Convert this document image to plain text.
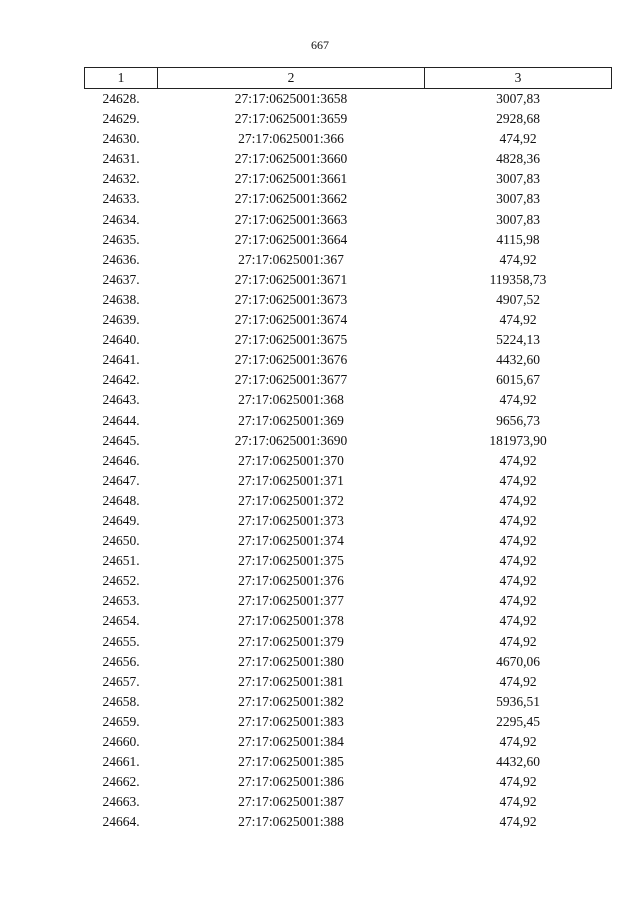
667
1	2	3
24628.	27:17:0625001:3658	3007,83
24629.	27:17:0625001:3659	2928,68
24630.	27:17:0625001:366	474,92
24631.	27:17:0625001:3660	4828,36
24632.	27:17:0625001:3661	3007,83
24633.	27:17:0625001:3662	3007,83
24634.	27:17:0625001:3663	3007,83
24635.	27:17:0625001:3664	4115,98
24636.	27:17:0625001:367	474,92
24637.	27:17:0625001:3671	119358,73
24638.	27:17:0625001:3673	4907,52
24639.	27:17:0625001:3674	474,92
24640.	27:17:0625001:3675	5224,13
24641.	27:17:0625001:3676	4432,60
24642.	27:17:0625001:3677	6015,67
24643.	27:17:0625001:368	474,92
24644.	27:17:0625001:369	9656,73
24645.	27:17:0625001:3690	181973,90
24646.	27:17:0625001:370	474,92
24647.	27:17:0625001:371	474,92
24648.	27:17:0625001:372	474,92
24649.	27:17:0625001:373	474,92
24650.	27:17:0625001:374	474,92
24651.	27:17:0625001:375	474,92
24652.	27:17:0625001:376	474,92
24653.	27:17:0625001:377	474,92
24654.	27:17:0625001:378	474,92
24655.	27:17:0625001:379	474,92
24656.	27:17:0625001:380	4670,06
24657.	27:17:0625001:381	474,92
24658.	27:17:0625001:382	5936,51
24659.	27:17:0625001:383	2295,45
24660.	27:17:0625001:384	474,92
24661.	27:17:0625001:385	4432,60
24662.	27:17:0625001:386	474,92
24663.	27:17:0625001:387	474,92
24664.	27:17:0625001:388	474,92
